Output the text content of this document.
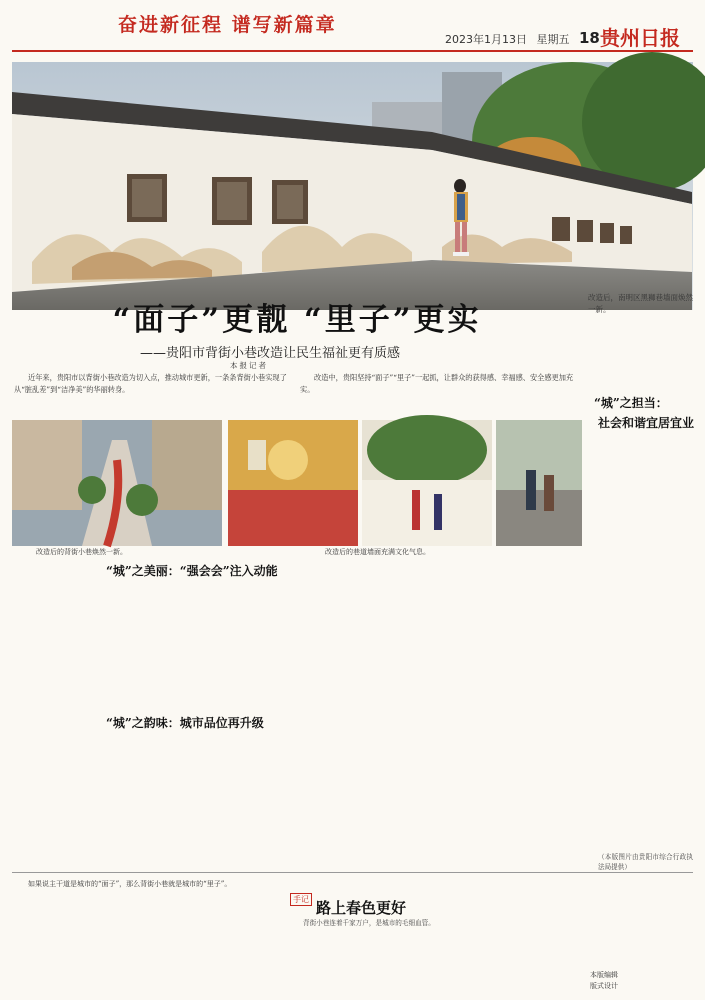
奋进新征程 谱写新篇章
2023年1月13日 星期五 18 贵州日报
改造后，南明区黑狮巷墙面焕然一新。
“面子”更靓 “里子”更实
——贵阳市背街小巷改造让民生福祉更有质感
本报记者
近年来，贵阳市以背街小巷改造为切入点，推动城市更新，一条条背街小巷实现了从“脏乱差”到“洁净美”的华丽转身。
改造中，贵阳坚持“面子”“里子”一起抓，让群众的获得感、幸福感、安全感更加充实。
改造后的背街小巷焕然一新。	改造后的巷道墙面充满文化气息。
“城”之担当：
社会和谐宜居宜业
（本版图片由贵阳市综合行政执法局提供）
“城”之美丽：“强会会”注入动能
“城”之韵味：城市品位再升级
如果说主干道是城市的“面子”，那么背街小巷就是城市的“里子”。
手记 路上春色更好
背街小巷连着千家万户，是城市的毛细血管。
本版编辑
版式设计
